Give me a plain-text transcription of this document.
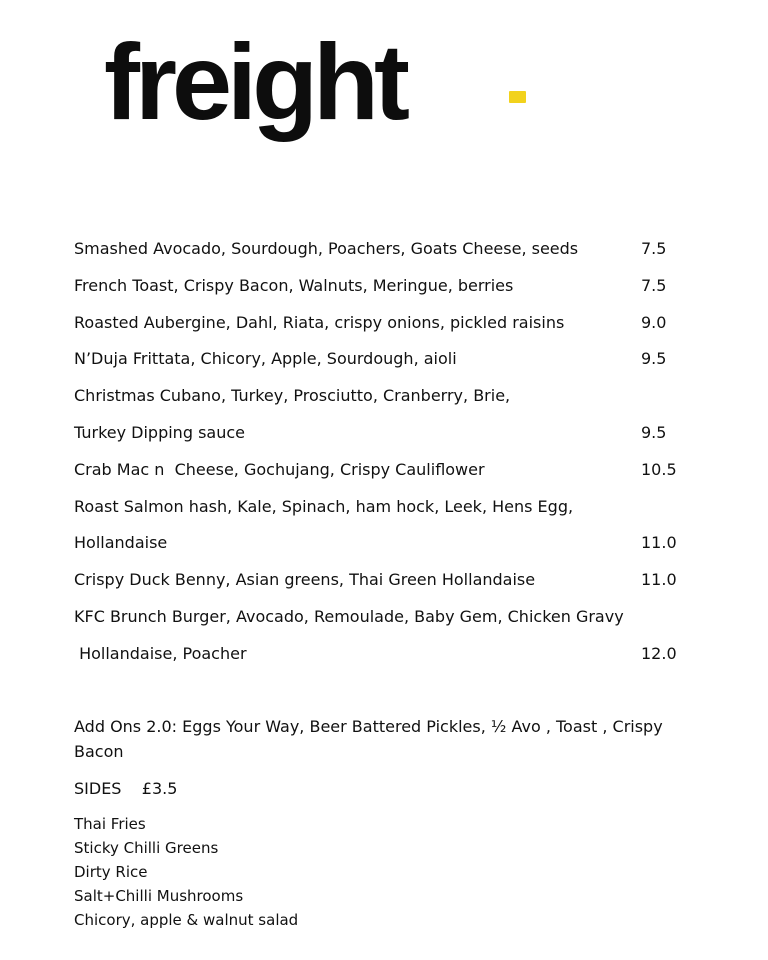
freight
Smashed Avocado, Sourdough, Poachers, Goats Cheese, seeds	7.5
French Toast, Crispy Bacon, Walnuts, Meringue, berries	7.5
Roasted Aubergine, Dahl, Riata, crispy onions, pickled raisins	9.0
N’Duja Frittata, Chicory, Apple, Sourdough, aioli	9.5
Christmas Cubano, Turkey, Prosciutto, Cranberry, Brie,
Turkey Dipping sauce	9.5
Crab Mac n  Cheese, Gochujang, Crispy Cauliflower	10.5
Roast Salmon hash, Kale, Spinach, ham hock, Leek, Hens Egg,
Hollandaise	11.0
Crispy Duck Benny, Asian greens, Thai Green Hollandaise	11.0
KFC Brunch Burger, Avocado, Remoulade, Baby Gem, Chicken Gravy
Hollandaise, Poacher	12.0
Add Ons 2.0: Eggs Your Way, Beer Battered Pickles, ½ Avo , Toast , Crispy Bacon
SIDES    £3.5
Thai Fries
Sticky Chilli Greens
Dirty Rice
Salt+Chilli Mushrooms
Chicory, apple & walnut salad
